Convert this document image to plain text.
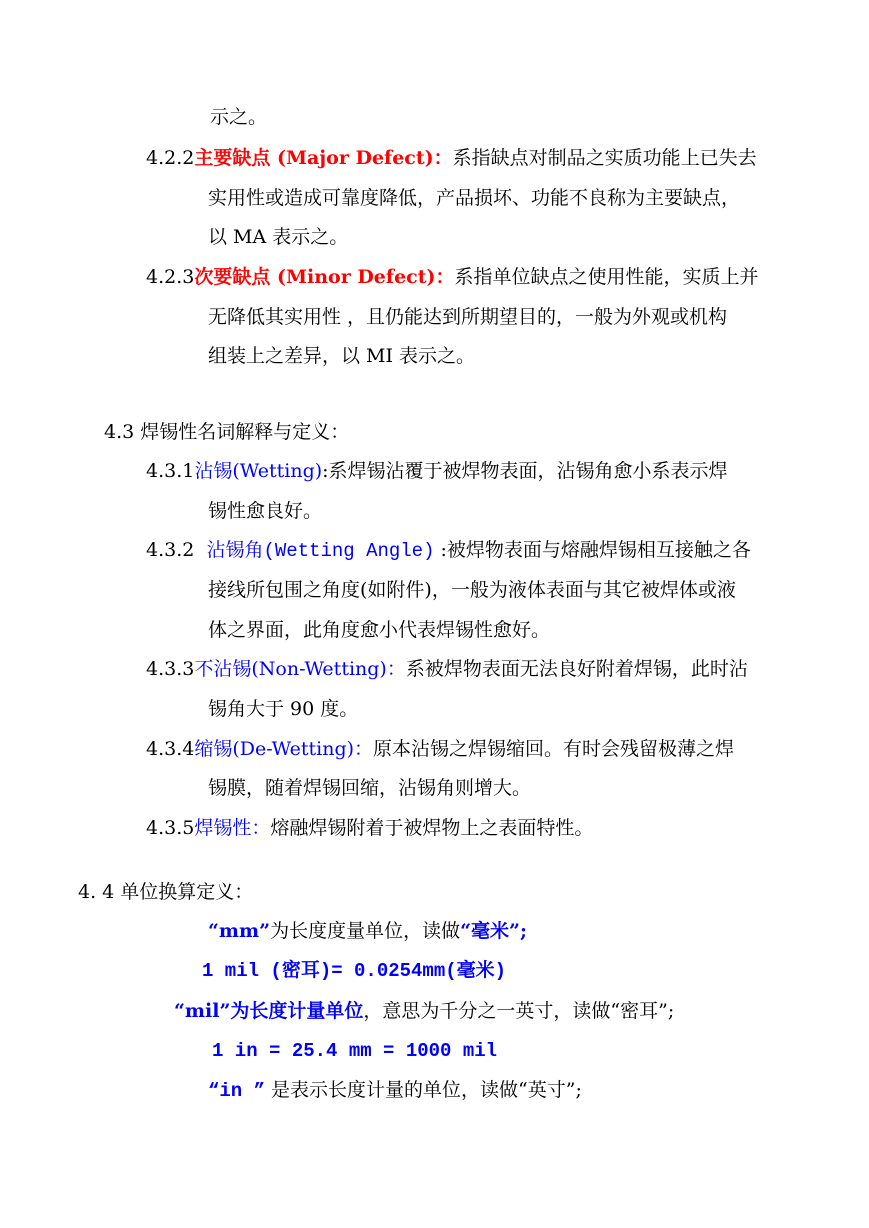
示之。
4.2.2主要缺点 (Major Defect)：系指缺点对制品之实质功能上已失去
实用性或造成可靠度降低，产品损坏、功能不良称为主要缺点，
以 MA 表示之。
4.2.3次要缺点 (Minor Defect)：系指单位缺点之使用性能，实质上并
无降低其实用性 ，且仍能达到所期望目的，一般为外观或机构
组装上之差异，以 MI 表示之。
4.3 焊锡性名词解释与定义：
4.3.1沾锡(Wetting):系焊锡沾覆于被焊物表面，沾锡角愈小系表示焊
锡性愈良好。
4.3.2 沾锡角(Wetting Angle) :被焊物表面与熔融焊锡相互接触之各
接线所包围之角度(如附件)，一般为液体表面与其它被焊体或液
体之界面，此角度愈小代表焊锡性愈好。
4.3.3不沾锡(Non-Wetting)：系被焊物表面无法良好附着焊锡，此时沾
锡角大于 90 度。
4.3.4缩锡(De-Wetting)：原本沾锡之焊锡缩回。有时会残留极薄之焊
锡膜，随着焊锡回缩，沾锡角则增大。
4.3.5焊锡性：熔融焊锡附着于被焊物上之表面特性。
4. 4 单位换算定义：
“mm”为长度度量单位，读做“毫米”;
1 mil (密耳)= 0.0254mm(毫米)
“mil”为长度计量单位，意思为千分之一英寸，读做“密耳”;
1 in = 25.4 mm = 1000 mil
“in ” 是表示长度计量的单位，读做“英寸”;
